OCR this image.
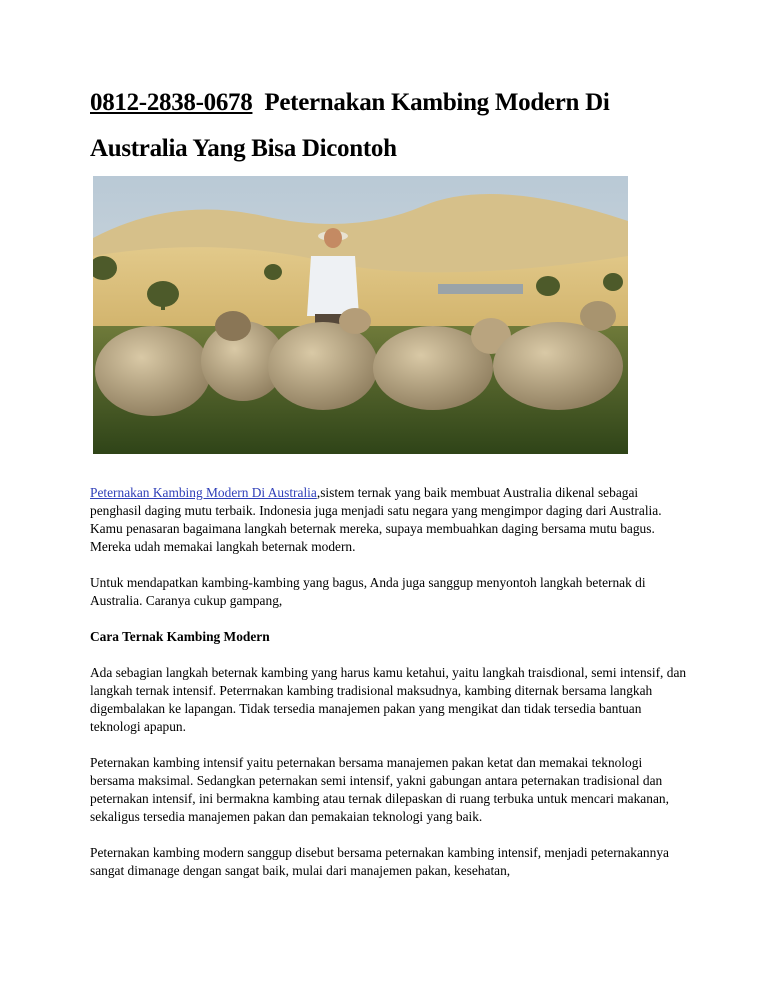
0812-2838-0678 Peternakan Kambing Modern Di
Australia Yang Bisa Dicontoh

Peternakan Kambing Modern Di Australia,sistem ternak yang baik membuat Australia dikenal sebagai penghasil daging mutu terbaik. Indonesia juga menjadi satu negara yang mengimpor daging dari Australia. Kamu penasaran bagaimana langkah beternak mereka, supaya membuahkan daging bersama mutu bagus. Mereka udah memakai langkah beternak modern.

Untuk mendapatkan kambing-kambing yang bagus, Anda juga sanggup menyontoh langkah beternak di Australia. Caranya cukup gampang,

Cara Ternak Kambing Modern

Ada sebagian langkah beternak kambing yang harus kamu ketahui, yaitu langkah traisdional, semi intensif, dan langkah ternak intensif. Peterrnakan kambing tradisional maksudnya, kambing diternak bersama langkah digembalakan ke lapangan. Tidak tersedia manajemen pakan yang mengikat dan tidak tersedia bantuan teknologi apapun.

Peternakan kambing intensif yaitu peternakan bersama manajemen pakan ketat dan memakai teknologi bersama maksimal. Sedangkan peternakan semi intensif, yakni gabungan antara peternakan tradisional dan peternakan intensif, ini bermakna kambing atau ternak dilepaskan di ruang terbuka untuk mencari makanan, sekaligus tersedia manajemen pakan dan pemakaian teknologi yang baik.

Peternakan kambing modern sanggup disebut bersama peternakan kambing intensif, menjadi peternakannya sangat dimanage dengan sangat baik, mulai dari manajemen pakan, kesehatan,
